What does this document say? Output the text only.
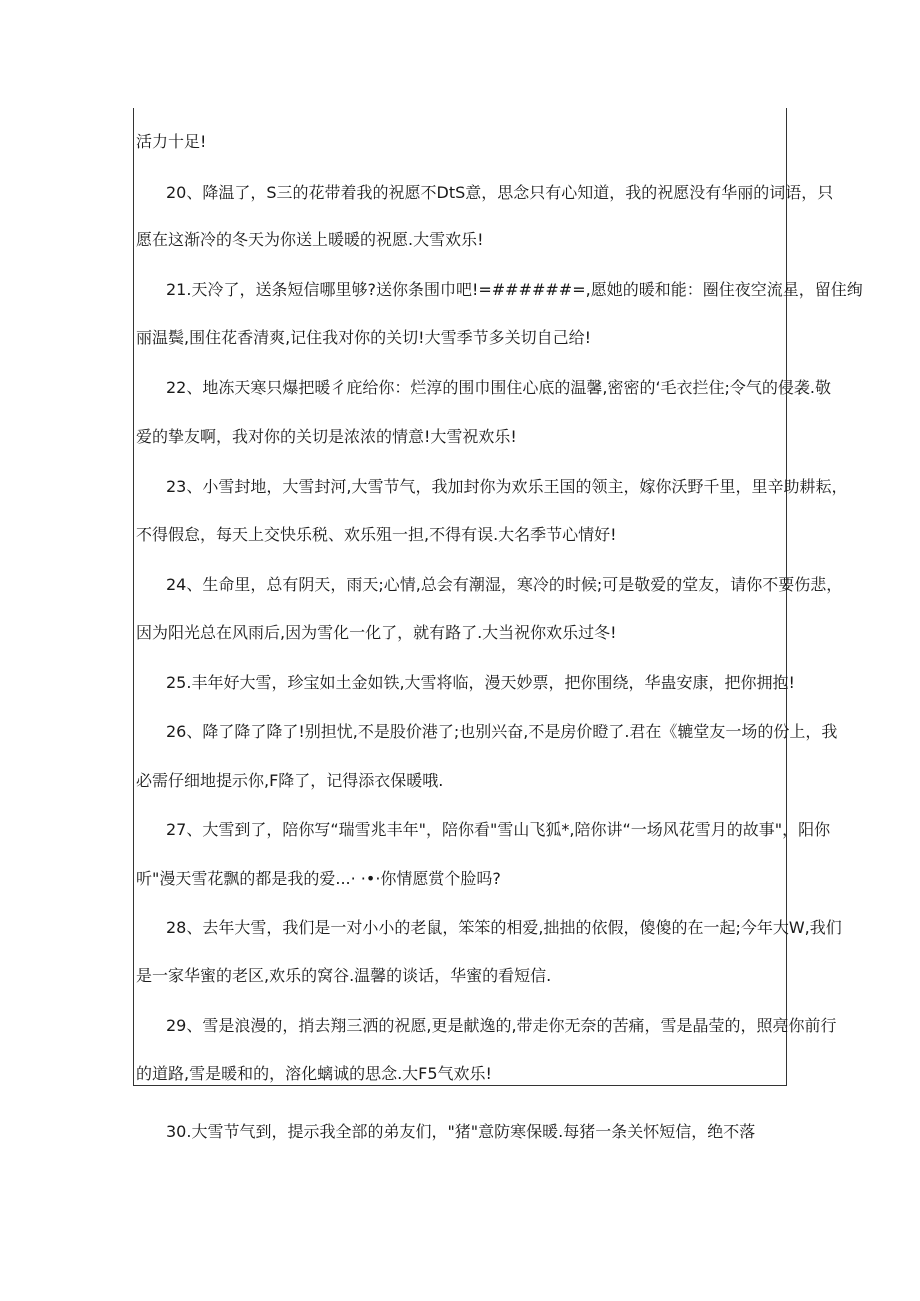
活力十足!
20、降温了，S三的花带着我的祝愿不DtS意，思念只有心知道，我的祝愿没有华丽的词语，只
愿在这渐冷的冬天为你送上暖暖的祝愿.大雪欢乐!
21.天冷了，送条短信哪里够?送你条围巾吧!=######=,愿她的暖和能：圈住夜空流星，留住绚
丽温鬓,围住花香清爽,记住我对你的关切!大雪季节多关切自己给!
22、地冻天寒只爆把暖彳庇给你：烂淳的围巾围住心底的温馨,密密的‘毛衣拦住;令气的侵袭.敬
爱的挚友啊，我对你的关切是浓浓的情意!大雪祝欢乐!
23、小雪封地，大雪封河,大雪节气，我加封你为欢乐王国的领主，嫁你沃野千里，里辛助耕耘，
不得假怠，每天上交快乐税、欢乐殂一担,不得有误.大名季节心情好!
24、生命里，总有阴天，雨天;心情,总会有潮湿，寒冷的时候;可是敬爱的堂友，请你不要伤悲，
因为阳光总在风雨后,因为雪化一化了，就有路了.大当祝你欢乐过冬!
25.丰年好大雪，珍宝如土金如铁,大雪将临，漫天妙票，把你围绕，华蛊安康，把你拥抱!
26、降了降了降了!别担忧,不是股价港了;也别兴奋,不是房价瞪了.君在《辘堂友一场的份上，我
必需仔细地提示你,F降了，记得添衣保暖哦.
27、大雪到了，陪你写“瑞雪兆丰年"，陪你看"雪山飞狐*,陪你讲“一场风花雪月的故事"，阳你
听"漫天雪花飘的都是我的爱...· ·•·你情愿赏个脸吗?
28、去年大雪，我们是一对小小的老鼠，笨笨的相爱,拙拙的依假，傻傻的在一起;今年大W,我们
是一家华蜜的老区,欢乐的窝谷.温馨的谈话，华蜜的看短信.
29、雪是浪漫的，捎去翔三洒的祝愿,更是献逸的,带走你无奈的苦痛，雪是晶莹的，照亮你前行
的道路,雪是暖和的，溶化螭诚的思念.大F5气欢乐!
30.大雪节气到，提示我全部的弟友们，"猪"意防寒保暖.每猪一条关怀短信，绝不落
